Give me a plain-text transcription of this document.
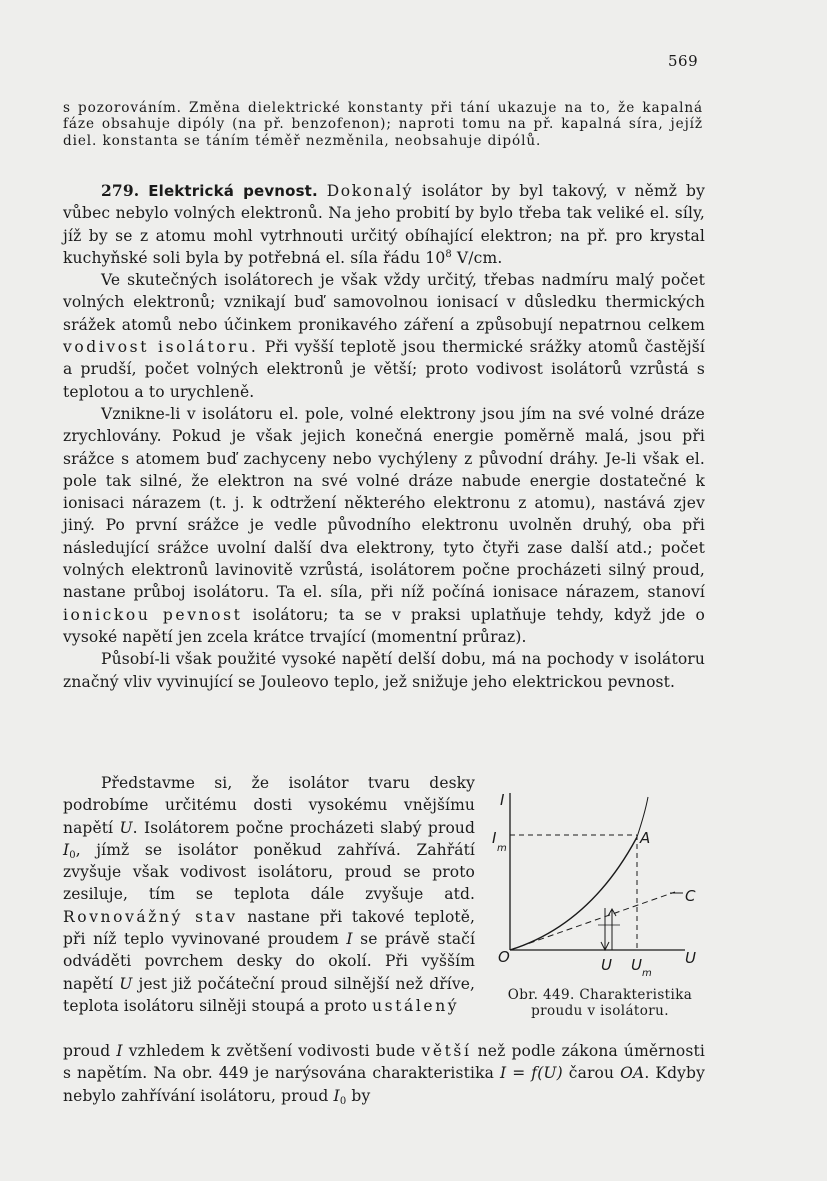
569

s pozorováním. Změna dielektrické konstanty při tání ukazuje na to, že kapalná fáze obsahuje dipóly (na př. benzofenon); naproti tomu na př. kapalná síra, jejíž diel. konstanta se táním téměř nezměnila, neobsahuje dipólů.

279. Elektrická pevnost. Dokonalý isolátor by byl takový, v němž by vůbec nebylo volných elektronů. Na jeho probití by bylo třeba tak veliké el. síly, jíž by se z atomu mohl vytrhnouti určitý obíhající elektron; na př. pro krystal kuchyňské soli byla by potřebná el. síla řádu $10^8$ V/cm.

Ve skutečných isolátorech je však vždy určitý, třebas nadmíru malý počet volných elektronů; vznikají buď samovolnou ionisací v důsledku thermických srážek atomů nebo účinkem pronikavého záření a způsobují nepatrnou celkem vodivost isolátoru. Při vyšší teplotě jsou thermické srážky atomů častější a prudší, počet volných elektronů je větší; proto vodivost isolátorů vzrůstá s teplotou a to urychleně.

Vznikne-li v isolátoru el. pole, volné elektrony jsou jím na své volné dráze zrychlovány. Pokud je však jejich konečná energie poměrně malá, jsou při srážce s atomem buď zachyceny nebo vychýleny z původní dráhy. Je-li však el. pole tak silné, že elektron na své volné dráze nabude energie dostatečné k ionisaci nárazem (t. j. k odtržení některého elektronu z atomu), nastává zjev jiný. Po první srážce je vedle původního elektronu uvolněn druhý, oba při následující srážce uvolní další dva elektrony, tyto čtyři zase další atd.; počet volných elektronů lavinovitě vzrůstá, isolátorem počne procházeti silný proud, nastane průboj isolátoru. Ta el. síla, při níž počíná ionisace nárazem, stanoví ionickou pevnost isolátoru; ta se v praksi uplatňuje tehdy, když jde o vysoké napětí jen zcela krátce trvající (momentní průraz).

Působí-li však použité vysoké napětí delší dobu, má na pochody v isolátoru značný vliv vyvinující se Jouleovo teplo, jež snižuje jeho elektrickou pevnost.

Představme si, že isolátor tvaru desky podrobíme určitému dosti vysokému vnějšímu napětí U. Isolátorem počne procházeti slabý proud $I_0$, jímž se isolátor poněkud zahřívá. Zahřátí zvyšuje však vodivost isolátoru, proud se proto zesiluje, tím se teplota dále zvyšuje atd. Rovnovážný stav nastane při takové teplotě, při níž teplo vyvinované proudem I se právě stačí odváděti povrchem desky do okolí. Při vyšším napětí U jest již počáteční proud silnější než dříve, teplota isolátoru silněji stoupá a proto ustálený

proud I vzhledem k zvětšení vodivosti bude větší než podle zákona úměrnosti s napětím. Na obr. 449 je narýsována charakteristika I = f(U) čarou OA. Kdyby nebylo zahřívání isolátoru, proud $I_0$ by

I
I
m
A
C
O	U
U U m
Obr. 449. Charakteristika proudu v isolátoru.
